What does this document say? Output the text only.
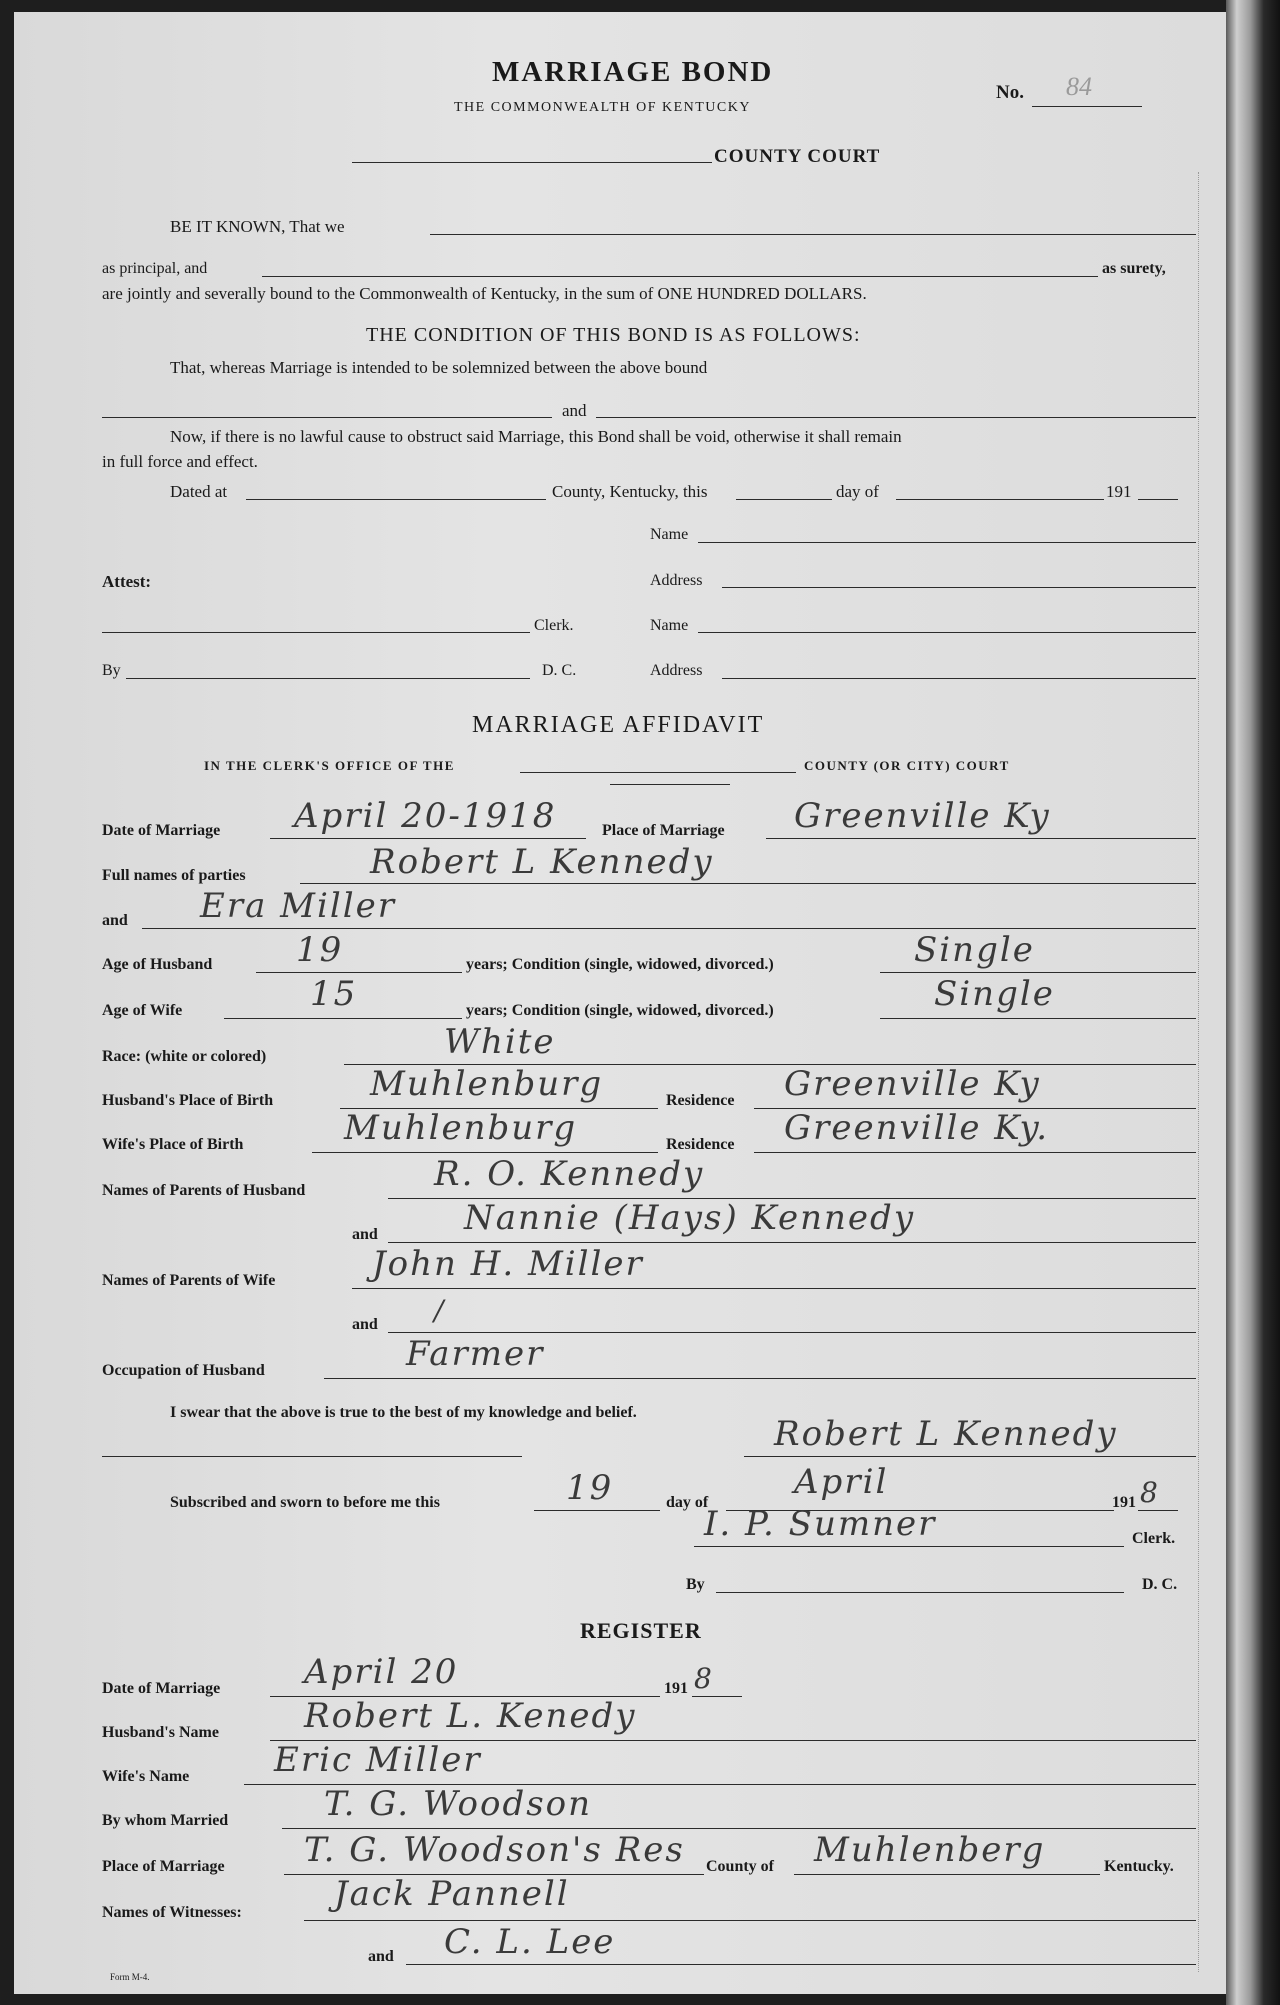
MARRIAGE BOND
THE COMMONWEALTH OF KENTUCKY
No. 84
COUNTY COURT
BE IT KNOWN, That we
as principal, and	as surety,
are jointly and severally bound to the Commonwealth of Kentucky, in the sum of ONE HUNDRED DOLLARS.
THE CONDITION OF THIS BOND IS AS FOLLOWS:
That, whereas Marriage is intended to be solemnized between the above bound
and
Now, if there is no lawful cause to obstruct said Marriage, this Bond shall be void, otherwise it shall remain
in full force and effect.
Dated at	County, Kentucky, this	day of	191
Name
Attest:	Address
Clerk.	Name
By	D. C.	Address
MARRIAGE AFFIDAVIT
IN THE CLERK'S OFFICE OF THE	COUNTY (OR CITY) COURT
Date of Marriage April 20-1918	Place of Marriage Greenville Ky
Full names of parties	Robert L Kennedy
and Era Miller
Age of Husband 19	years; Condition (single, widowed, divorced.)	Single
Age of Wife	15	years; Condition (single, widowed, divorced.)	Single
Race: (white or colored)	White
Husband's Place of Birth	Muhlenburg	Residence Greenville Ky
Wife's Place of Birth	Muhlenburg	Residence Greenville Ky.
Names of Parents of Husband	R. O. Kennedy
and	Nannie (Hays) Kennedy
Names of Parents of Wife	John H. Miller
and /
Occupation of Husband	Farmer
I swear that the above is true to the best of my knowledge and belief.
Robert L Kennedy
Subscribed and sworn to before me this	19	day of
April
191 8
I. P. Sumner	Clerk.
By	D. C.
REGISTER
Date of Marriage April 20	191 8
Husband's Name	Robert L. Kenedy
Wife's Name Eric Miller
By whom Married	T. G. Woodson
Place of Marriage T. G. Woodson's Res County of Muhlenberg	Kentucky.
Names of Witnesses:	Jack Pannell
and C. L. Lee
Form M-4.
